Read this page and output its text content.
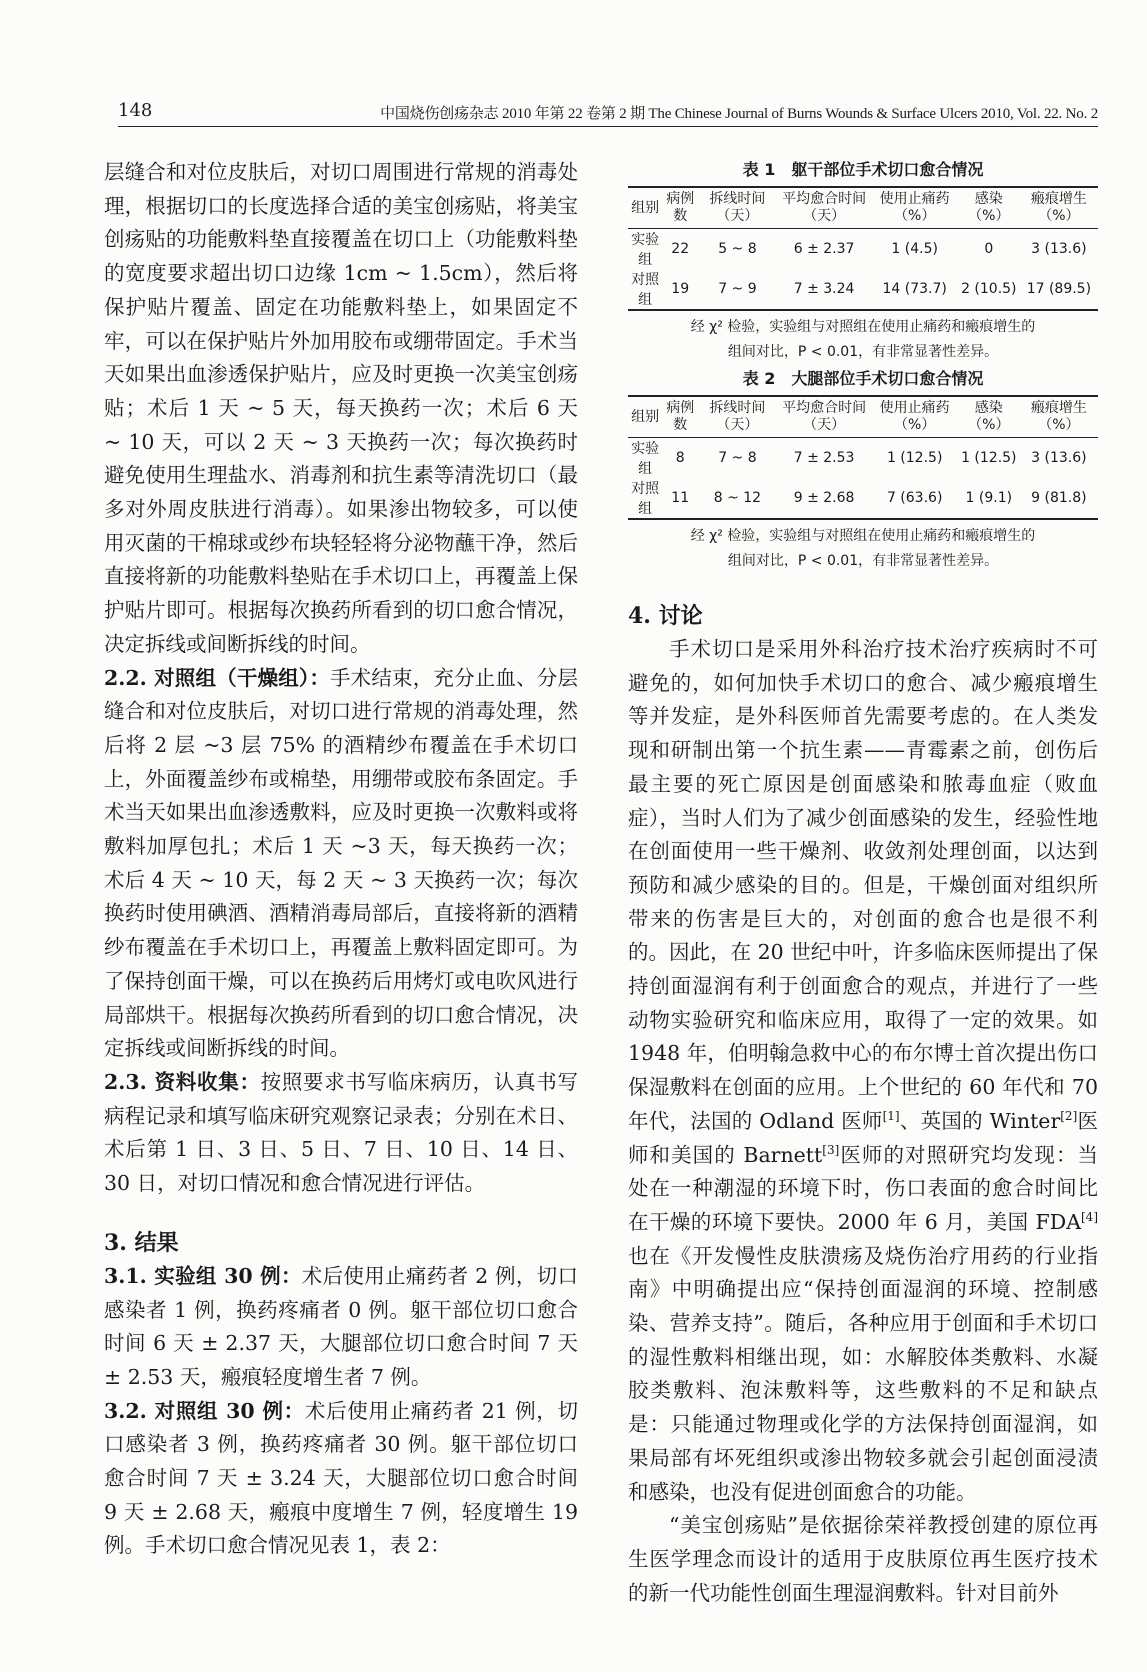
148	中国烧伤创疡杂志 2010 年第 22 卷第 2 期 The Chinese Journal of Burns Wounds & Surface Ulcers 2010, Vol. 22. No. 2

层缝合和对位皮肤后，对切口周围进行常规的消毒处理，根据切口的长度选择合适的美宝创疡贴，将美宝创疡贴的功能敷料垫直接覆盖在切口上（功能敷料垫的宽度要求超出切口边缘 1cm ~ 1.5cm），然后将保护贴片覆盖、固定在功能敷料垫上，如果固定不牢，可以在保护贴片外加用胶布或绷带固定。手术当天如果出血渗透保护贴片，应及时更换一次美宝创疡贴；术后 1 天 ~ 5 天，每天换药一次；术后 6 天 ~ 10 天，可以 2 天 ~ 3 天换药一次；每次换药时避免使用生理盐水、消毒剂和抗生素等清洗切口（最多对外周皮肤进行消毒）。如果渗出物较多，可以使用灭菌的干棉球或纱布块轻轻将分泌物蘸干净，然后直接将新的功能敷料垫贴在手术切口上，再覆盖上保护贴片即可。根据每次换药所看到的切口愈合情况，决定拆线或间断拆线的时间。

2.2. 对照组（干燥组）：手术结束，充分止血、分层缝合和对位皮肤后，对切口进行常规的消毒处理，然后将 2 层 ~3 层 75% 的酒精纱布覆盖在手术切口上，外面覆盖纱布或棉垫，用绷带或胶布条固定。手术当天如果出血渗透敷料，应及时更换一次敷料或将敷料加厚包扎；术后 1 天 ~3 天，每天换药一次；术后 4 天 ~ 10 天，每 2 天 ~ 3 天换药一次；每次换药时使用碘酒、酒精消毒局部后，直接将新的酒精纱布覆盖在手术切口上，再覆盖上敷料固定即可。为了保持创面干燥，可以在换药后用烤灯或电吹风进行局部烘干。根据每次换药所看到的切口愈合情况，决定拆线或间断拆线的时间。

2.3. 资料收集：按照要求书写临床病历，认真书写病程记录和填写临床研究观察记录表；分别在术日、术后第 1 日、3 日、5 日、7 日、10 日、14 日、30 日，对切口情况和愈合情况进行评估。

3. 结果

3.1. 实验组 30 例：术后使用止痛药者 2 例，切口感染者 1 例，换药疼痛者 0 例。躯干部位切口愈合时间 6 天 ± 2.37 天，大腿部位切口愈合时间 7 天 ± 2.53 天，瘢痕轻度增生者 7 例。

3.2. 对照组 30 例：术后使用止痛药者 21 例，切口感染者 3 例，换药疼痛者 30 例。躯干部位切口愈合时间 7 天 ± 3.24 天，大腿部位切口愈合时间 9 天 ± 2.68 天，瘢痕中度增生 7 例，轻度增生 19 例。手术切口愈合情况见表 1，表 2：

表 1　躯干部位手术切口愈合情况
组别	病例数	拆线时间（天）	平均愈合时间（天）	使用止痛药（%）	感染（%）	瘢痕增生（%）
实验组	22	5 ~ 8	6 ± 2.37	1 (4.5)	0	3 (13.6)
对照组	19	7 ~ 9	7 ± 3.24	14 (73.7)	2 (10.5)	17 (89.5)
经 χ² 检验，实验组与对照组在使用止痛药和瘢痕增生的
组间对比，P < 0.01，有非常显著性差异。
表 2　大腿部位手术切口愈合情况
组别	病例数	拆线时间（天）	平均愈合时间（天）	使用止痛药（%）	感染（%）	瘢痕增生（%）
实验组	8	7 ~ 8	7 ± 2.53	1 (12.5)	1 (12.5)	3 (13.6)
对照组	11	8 ~ 12	9 ± 2.68	7 (63.6)	1 (9.1)	9 (81.8)
经 χ² 检验，实验组与对照组在使用止痛药和瘢痕增生的
组间对比，P < 0.01，有非常显著性差异。
4. 讨论

手术切口是采用外科治疗技术治疗疾病时不可避免的，如何加快手术切口的愈合、减少瘢痕增生等并发症，是外科医师首先需要考虑的。在人类发现和研制出第一个抗生素——青霉素之前，创伤后最主要的死亡原因是创面感染和脓毒血症（败血症），当时人们为了减少创面感染的发生，经验性地在创面使用一些干燥剂、收敛剂处理创面，以达到预防和减少感染的目的。但是，干燥创面对组织所带来的伤害是巨大的，对创面的愈合也是很不利的。因此，在 20 世纪中叶，许多临床医师提出了保持创面湿润有利于创面愈合的观点，并进行了一些动物实验研究和临床应用，取得了一定的效果。如 1948 年，伯明翰急救中心的布尔博士首次提出伤口保湿敷料在创面的应用。上个世纪的 60 年代和 70 年代，法国的 Odland 医师[1]、英国的 Winter[2]医师和美国的 Barnett[3]医师的对照研究均发现：当处在一种潮湿的环境下时，伤口表面的愈合时间比在干燥的环境下要快。2000 年 6 月，美国 FDA[4]也在《开发慢性皮肤溃疡及烧伤治疗用药的行业指南》中明确提出应“保持创面湿润的环境、控制感染、营养支持”。随后，各种应用于创面和手术切口的湿性敷料相继出现，如：水解胶体类敷料、水凝胶类敷料、泡沫敷料等，这些敷料的不足和缺点是：只能通过物理或化学的方法保持创面湿润，如果局部有坏死组织或渗出物较多就会引起创面浸渍和感染，也没有促进创面愈合的功能。

“美宝创疡贴”是依据徐荣祥教授创建的原位再生医学理念而设计的适用于皮肤原位再生医疗技术的新一代功能性创面生理湿润敷料。针对目前外
